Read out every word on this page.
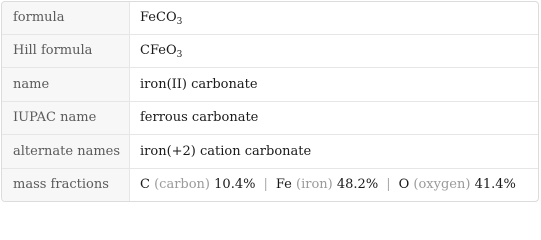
formula	FeCO$_3$
Hill formula	CFeO$_3$
name	iron(II) carbonate
IUPAC name	ferrous carbonate
alternate names	iron(+2) cation carbonate
mass fractions	C (carbon) 10.4% | Fe (iron) 48.2% | O (oxygen) 41.4%
